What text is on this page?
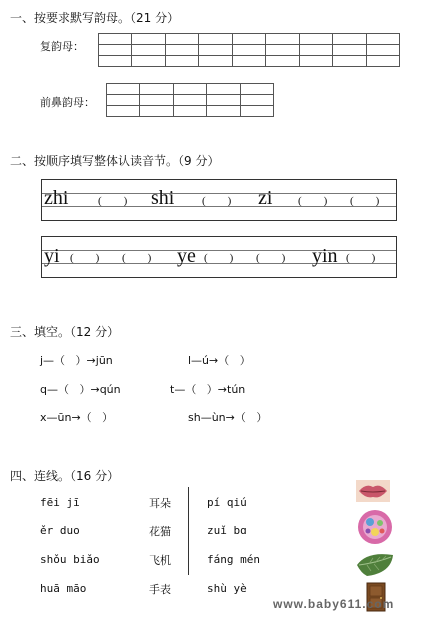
一、按要求默写韵母。（21 分）
复韵母：

前鼻韵母：

二、按顺序填写整体认读音节。（9 分）
zhi	(        ) shi	(        ) zi (        ) (        )
yi (        ) (        ) ye (        ) (        ) yin (        )
三、填空。（12 分）
j—（   ）→jūn	l—ú→（   ）
q—（   ）→qún	t—（   ）→tún
x—ūn→（   ）	sh—ùn→（   ）
四、连线。（16 分）
fēi jī
ěr duo
shǒu biǎo
huā māo
耳朵
花猫
飞机
手表
pí qiú
zuǐ bɑ
fáng mén
shù yè
www.baby611.com
